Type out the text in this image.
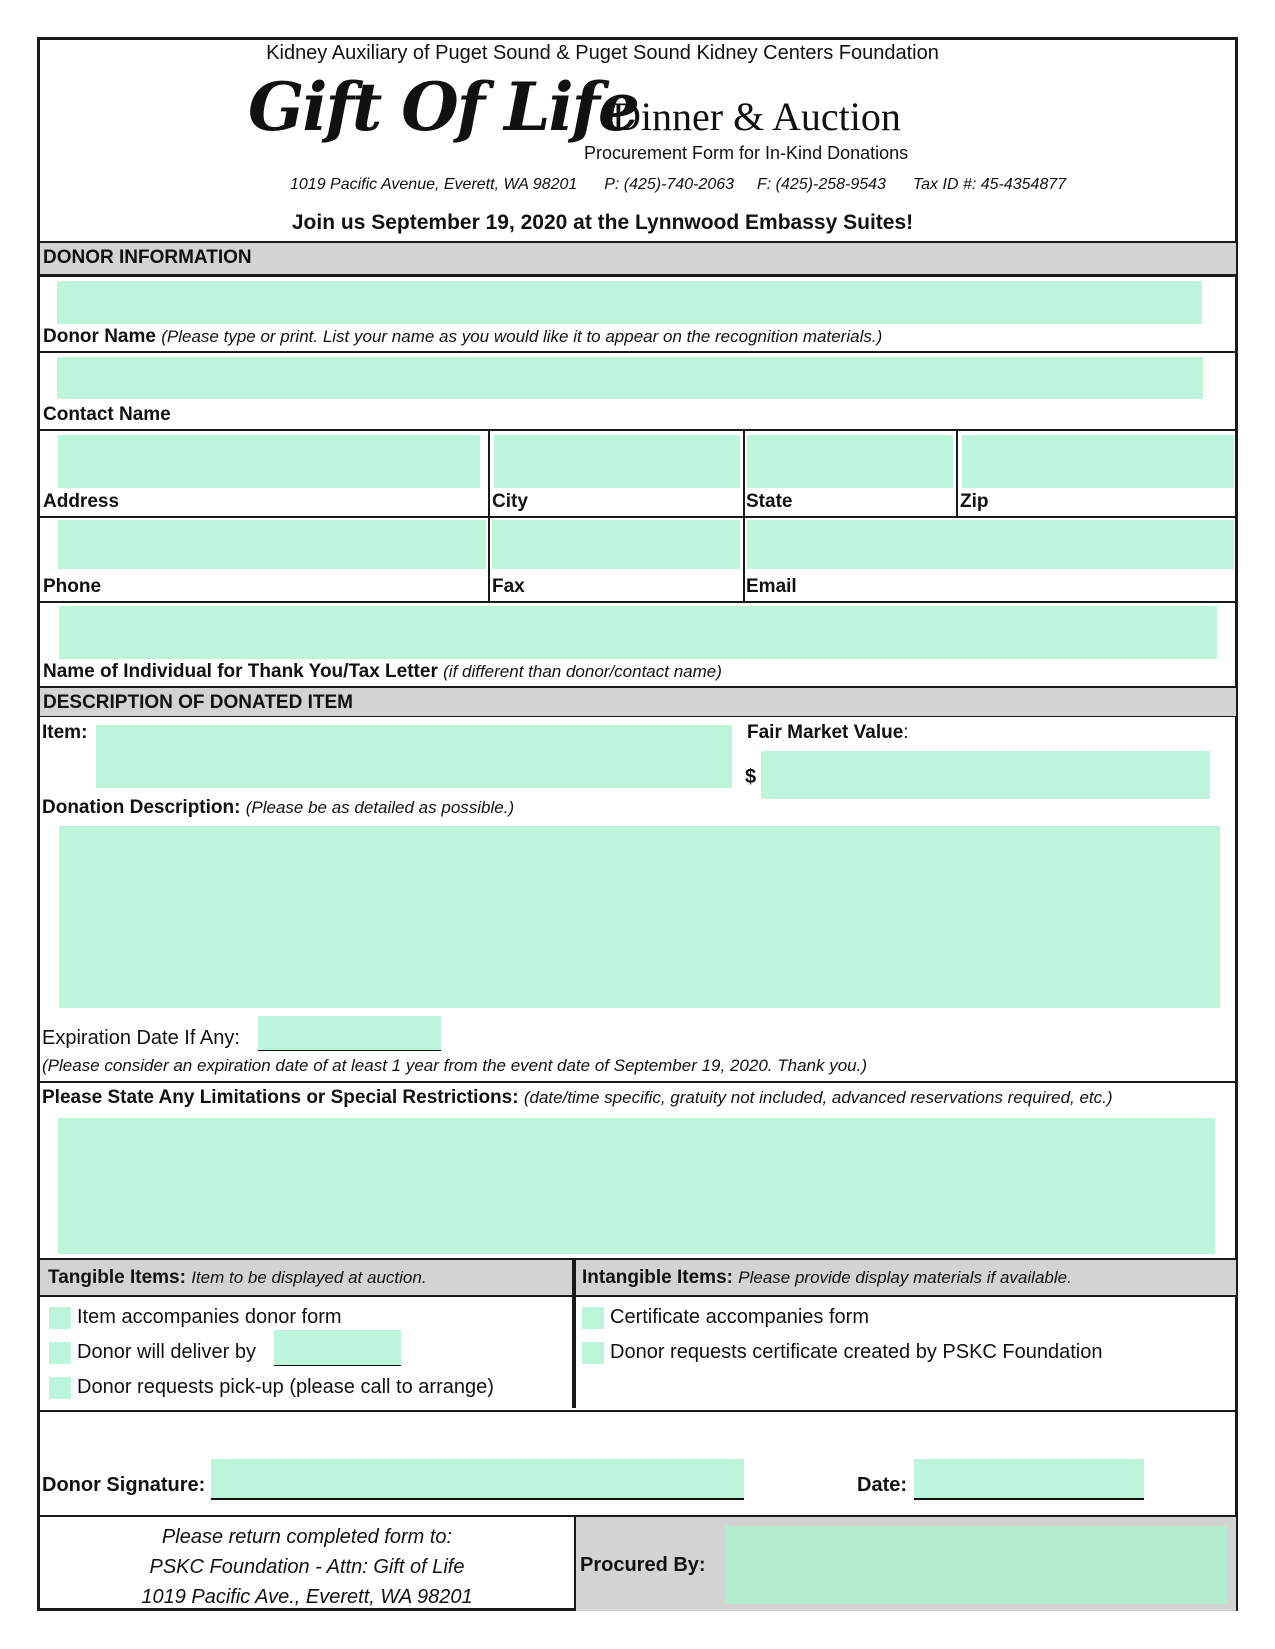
Kidney Auxiliary of Puget Sound & Puget Sound Kidney Centers Foundation
Gift Of Life
Dinner & Auction
Procurement Form for In-Kind Donations
1019 Pacific Avenue, Everett, WA 98201 P: (425)-740-2063 F: (425)-258-9543 Tax ID #: 45-4354877
Join us September 19, 2020 at the Lynnwood Embassy Suites!
DONOR INFORMATION
Donor Name (Please type or print. List your name as you would like it to appear on the recognition materials.)
Contact Name
Address	City	State	Zip
Phone	Fax	Email
Name of Individual for Thank You/Tax Letter (if different than donor/contact name)
DESCRIPTION OF DONATED ITEM
Item:	Fair Market Value:
$
Donation Description: (Please be as detailed as possible.)
Expiration Date If Any:
(Please consider an expiration date of at least 1 year from the event date of September 19, 2020. Thank you.)
Please State Any Limitations or Special Restrictions: (date/time specific, gratuity not included, advanced reservations required, etc.)
Tangible Items: Item to be displayed at auction.	Intangible Items: Please provide display materials if available.
Item accompanies donor form
Donor will deliver by
Donor requests pick-up (please call to arrange)
Certificate accompanies form
Donor requests certificate created by PSKC Foundation
Donor Signature:	Date:
Please return completed form to:
PSKC Foundation - Attn: Gift of Life
1019 Pacific Ave., Everett, WA 98201
Procured By:
